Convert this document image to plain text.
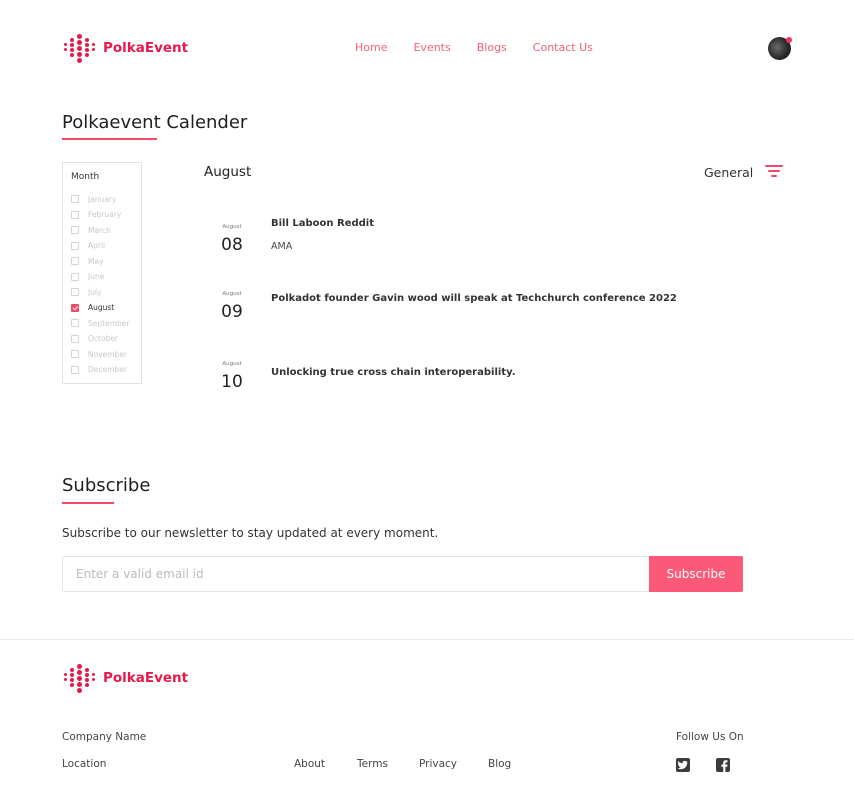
PolkaEvent	Home Events Blogs Contact Us
Polkaevent Calender
Month
January
February
March
April
May
June
July
August
September
October
November
December
August	General
August
08
Bill Laboon Reddit
AMA
August
09
Polkadot founder Gavin wood will speak at Techchurch conference 2022
August
10	Unlocking true cross chain interoperability.
Subscribe
Subscribe to our newsletter to stay updated at every moment.
Enter a valid email id
Subscribe
PolkaEvent
Company Name
Location	About	Terms	Privacy	Blog
Follow Us On
